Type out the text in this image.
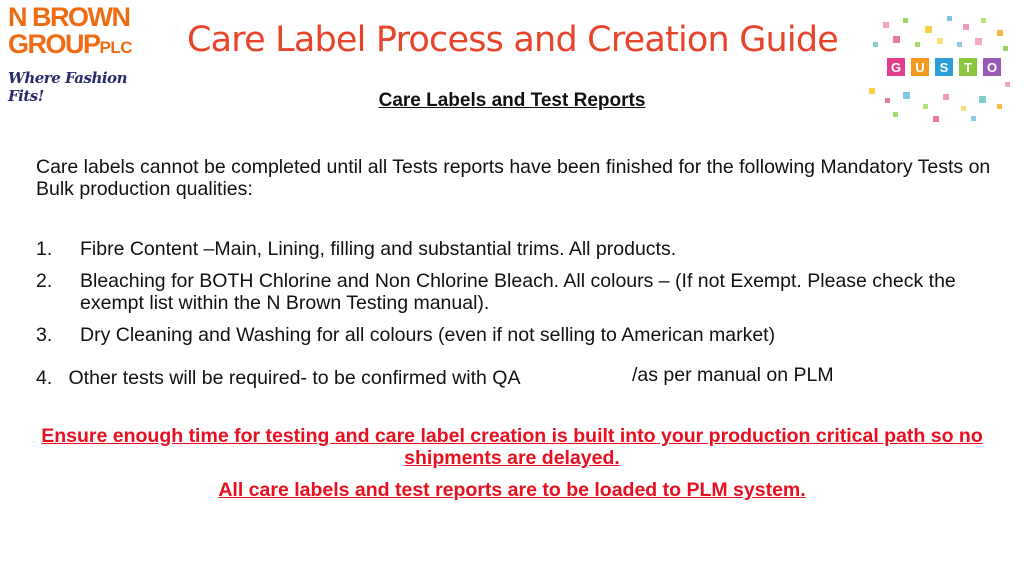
N BROWN
GROUPPLC
Where Fashion Fits!
Care Label Process and Creation Guide
G U S T O
Care Labels and Test Reports
Care labels cannot be completed until all Tests reports have been finished for the following Mandatory Tests on Bulk production qualities:
1. Fibre Content –Main, Lining, filling and substantial trims. All products.
2. Bleaching for BOTH Chlorine and Non Chlorine Bleach. All colours – (If not Exempt. Please check the exempt list within the N Brown Testing manual).
3. Dry Cleaning and Washing for all colours (even if not selling to American market)
4.   Other tests will be required- to be confirmed with QA	/as per manual on PLM
Ensure enough time for testing and care label creation is built into your production critical path so no shipments are delayed.
All care labels and test reports are to be loaded to PLM system.
